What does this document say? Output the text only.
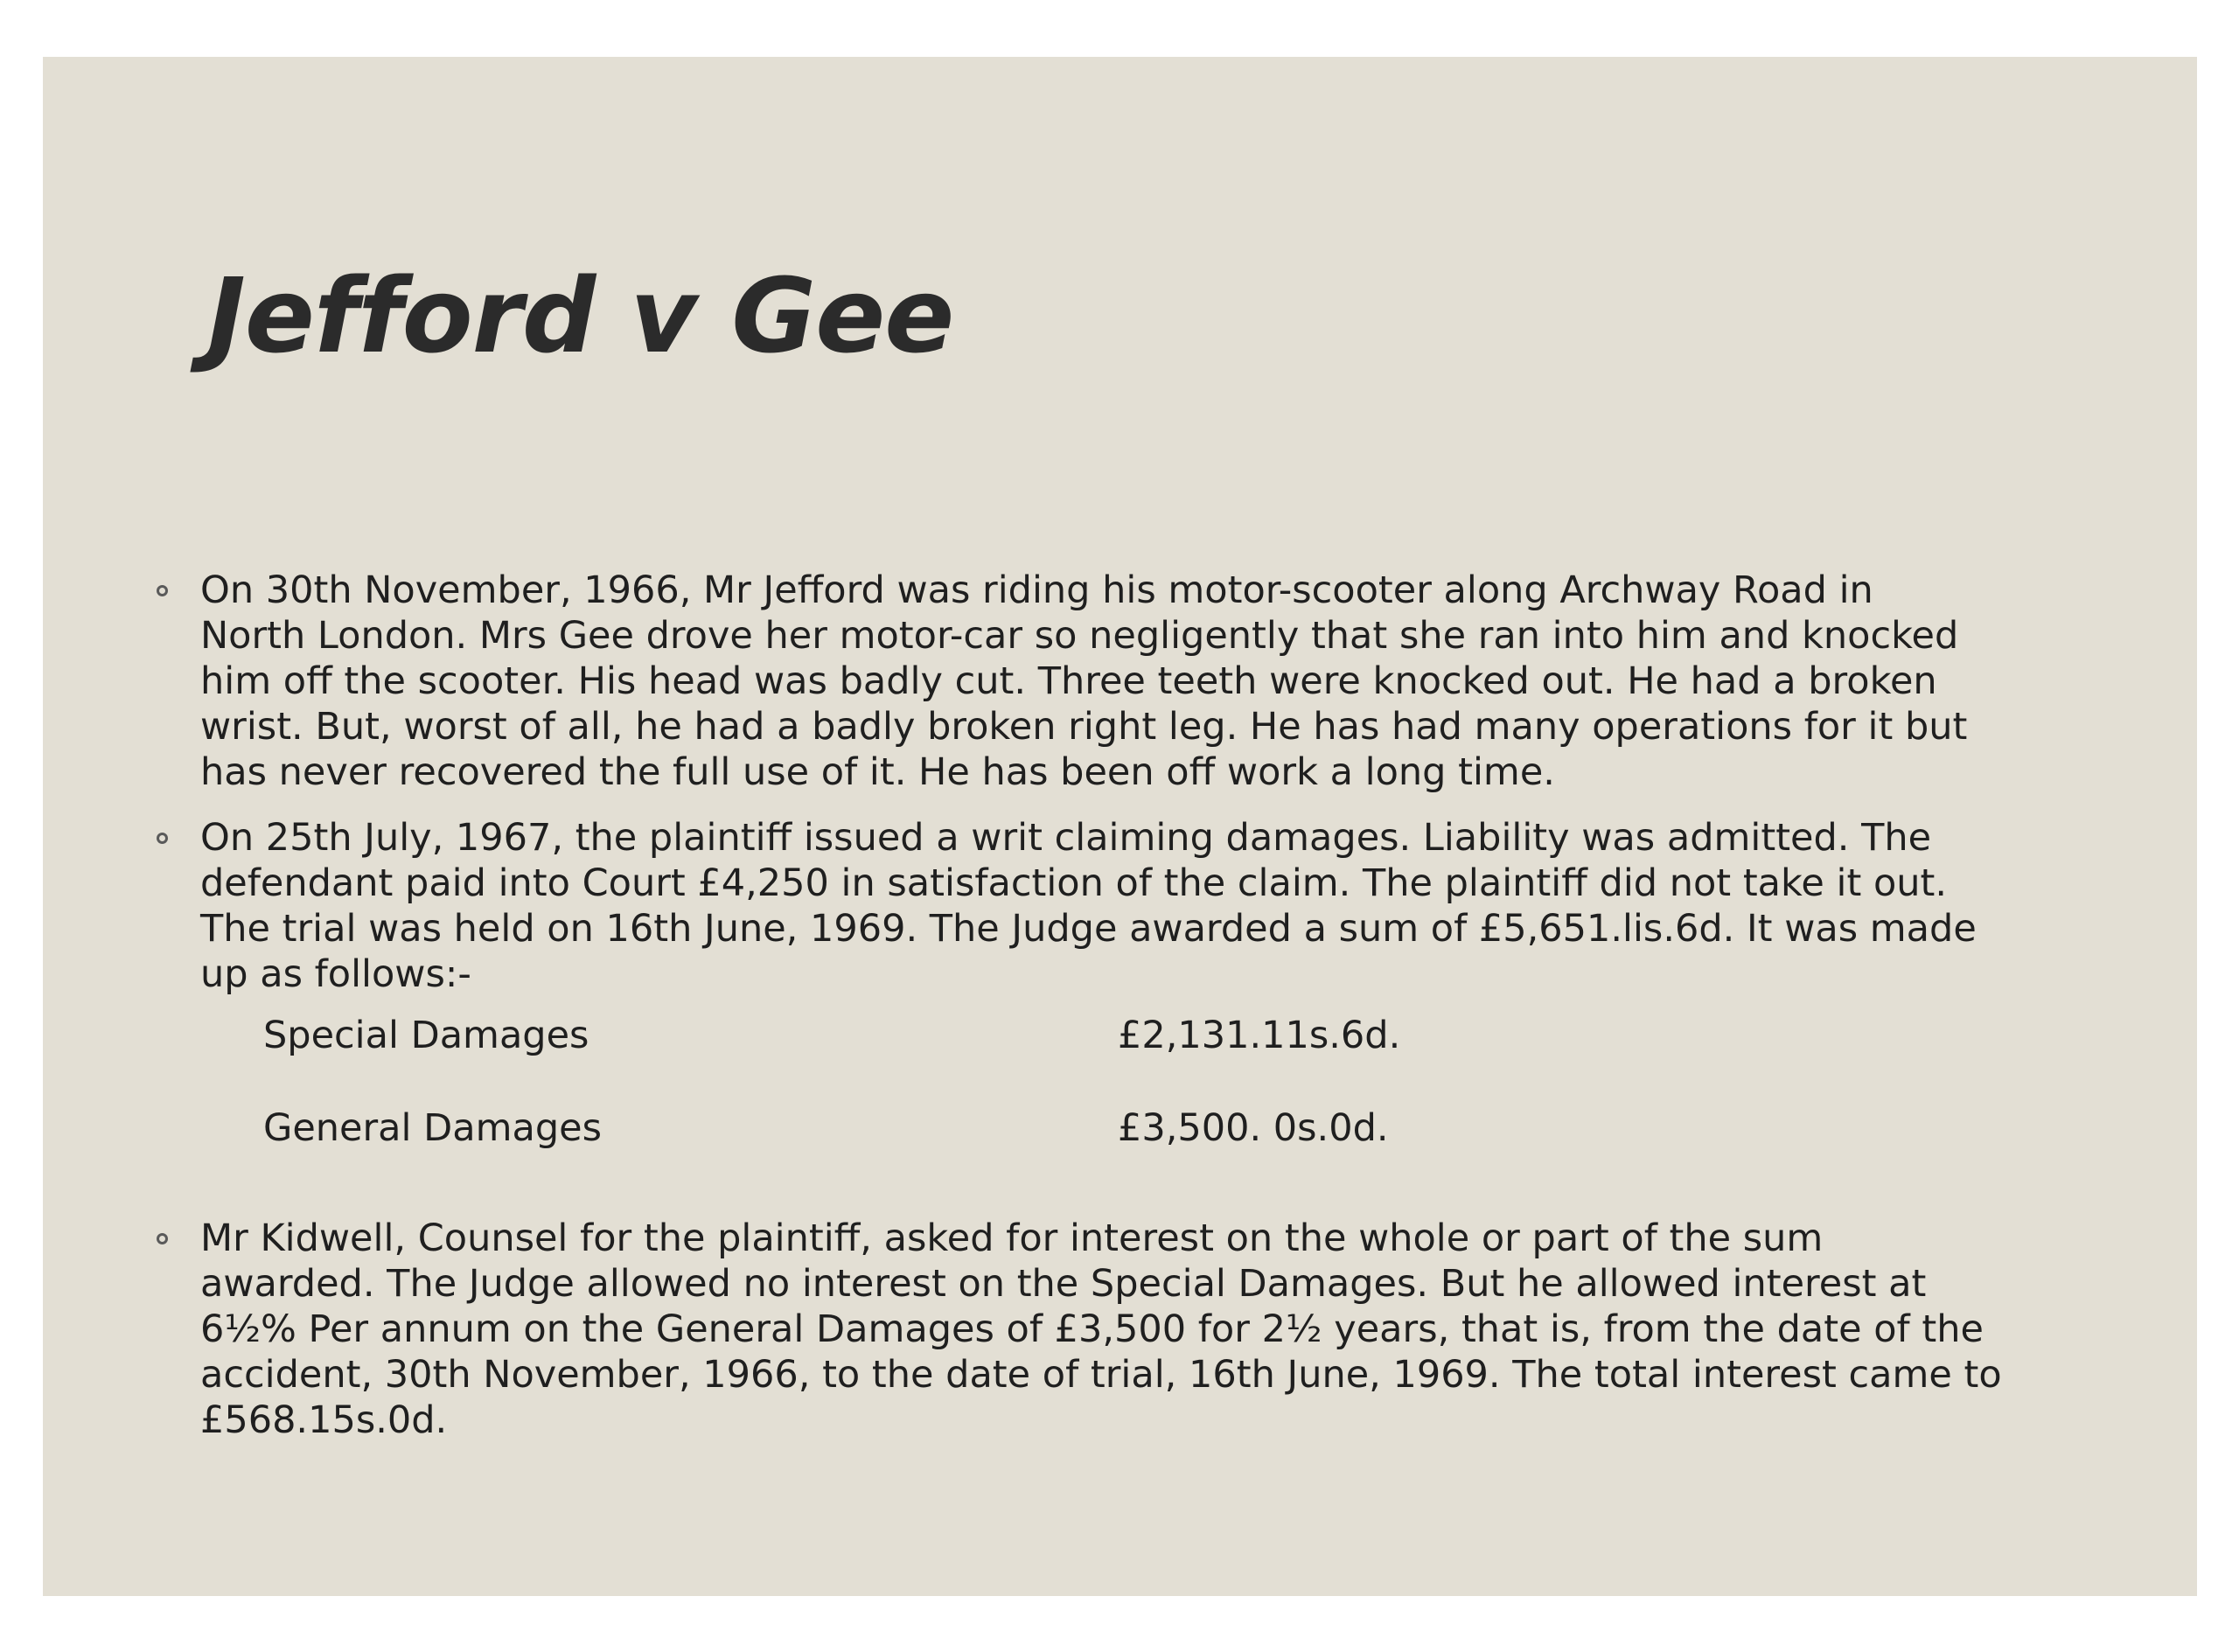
Jefford v Gee

On 30th November, 1966, Mr Jefford was riding his motor-scooter along Archway Road in
North London. Mrs Gee drove her motor-car so negligently that she ran into him and knocked
him off the scooter. His head was badly cut. Three teeth were knocked out. He had a broken
wrist. But, worst of all, he had a badly broken right leg. He has had many operations for it but
has never recovered the full use of it. He has been off work a long time.

On 25th July, 1967, the plaintiff issued a writ claiming damages. Liability was admitted. The
defendant paid into Court £4,250 in satisfaction of the claim. The plaintiff did not take it out.
The trial was held on 16th June, 1969. The Judge awarded a sum of £5,651.lis.6d. It was made
up as follows:-

Special Damages	£2,131.11s.6d.
General Damages	£3,500. 0s.0d.

Mr Kidwell, Counsel for the plaintiff, asked for interest on the whole or part of the sum
awarded. The Judge allowed no interest on the Special Damages. But he allowed interest at
6½% Per annum on the General Damages of £3,500 for 2½ years, that is, from the date of the
accident, 30th November, 1966, to the date of trial, 16th June, 1969. The total interest came to
£568.15s.0d.
